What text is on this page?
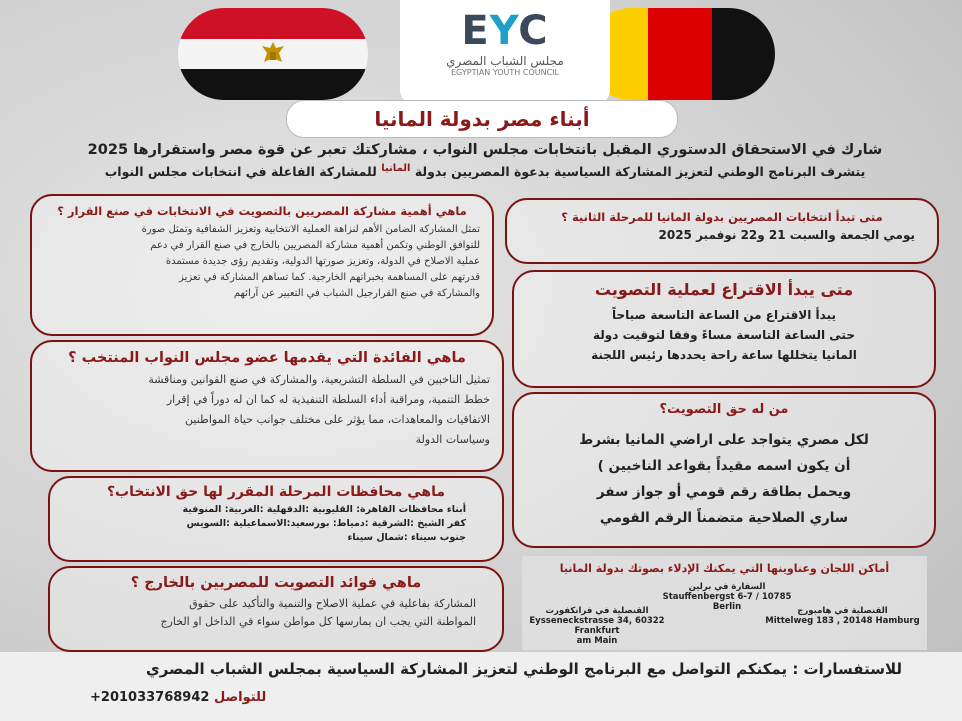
EYC
مجلس الشباب المصري
EGYPTIAN YOUTH COUNCIL
أبناء مصر بدولة المانيا
شارك في الاستحقاق الدستوري المقبل بانتخابات مجلس النواب ، مشاركتك تعبر عن قوة مصر واستقرارها 2025
يتشرف البرنامج الوطني لتعزيز المشاركة السياسية بدعوة المصريين بدولة $^{المانيا}$ للمشاركة الفاعلة في انتخابات مجلس النواب
ماهي أهمية مشاركة المصريين بالتصويت في الانتخابات في صنع القرار ؟
تمثل المشاركة الضامن الأهم لنزاهة العملية الانتخابية وتعزيز الشفافية وتمثل صورة
للتوافق الوطني وتكمن أهمية مشاركة المصريين بالخارج في صنع القرار في دعم
عملية الاصلاح في الدولة، وتعزيز صورتها الدولية، وتقديم رؤى جديدة مستمدة
قدرتهم على المساهمة بخبراتهم الخارجية. كما تساهم المشاركة في تعزيز
والمشاركة في صنع القرارجيل الشباب في التعبير عن آرائهم
ماهي الفائدة التي يقدمها عضو مجلس النواب المنتخب ؟
تمثيل الناخبين في السلطة التشريعية، والمشاركة في صنع القوانين ومناقشة
خطط التنمية، ومراقبة أداء السلطة التنفيذية له كما ان له دوراً في إقرار
الاتفاقيات والمعاهدات، مما يؤثر على مختلف جوانب حياة المواطنين
وسياسات الدولة
ماهي محافظات المرحلة المقرر لها حق الانتخاب؟
أبناء محافظات القاهرة: القليوبية :الدقهلية :الغربية: المنوفية
كفر الشيخ :الشرقية :دمياط: بورسعيد:الاسماعيلية :السويس
جنوب سيناء :شمال سيناء
ماهي فوائد التصويت للمصريين بالخارج ؟
المشاركة بفاعلية في عملية الاصلاح والتنمية والتأكيد على حقوق
المواطنة التي يجب ان يمارسها كل مواطن سواء في الداخل او الخارج
متى تبدأ انتخابات المصريين بدولة المانيا للمرحلة الثانية ؟
يومي الجمعة والسبت 21 و22 نوفمبر 2025
متى يبدأ الاقتراع لعملية التصويت
يبدأ الاقتراع من الساعة التاسعة صباحاً
حتى الساعة التاسعة مساءً وفقا لتوقيت دولة
المانيا يتخللها ساعة راحة يحددها رئيس اللجنة
من له حق التصويت؟
لكل مصري يتواجد على اراضي المانيا بشرط
أن يكون اسمه مقيداً بقواعد الناخبين )
ويحمل بطاقة رقم قومي أو جواز سفر
ساري الصلاحية متضمناً الرقم القومي
أماكن اللجان وعناوينها التي يمكنك الإدلاء بصوتك بدولة المانيا
السفارة في برلين
Stauffenbergst 6-7 / 10785
Berlin	القنصلية في هامبورج
Mittelweg 183 , 20148 Hamburg
القنصلية في فرانكفورت
Eysseneckstrasse 34, 60322 Frankfurt
am Main
للاستفسارات : يمكنكم التواصل مع البرنامج الوطني لتعزيز المشاركة السياسية بمجلس الشباب المصري
للتواصل +201033768942
